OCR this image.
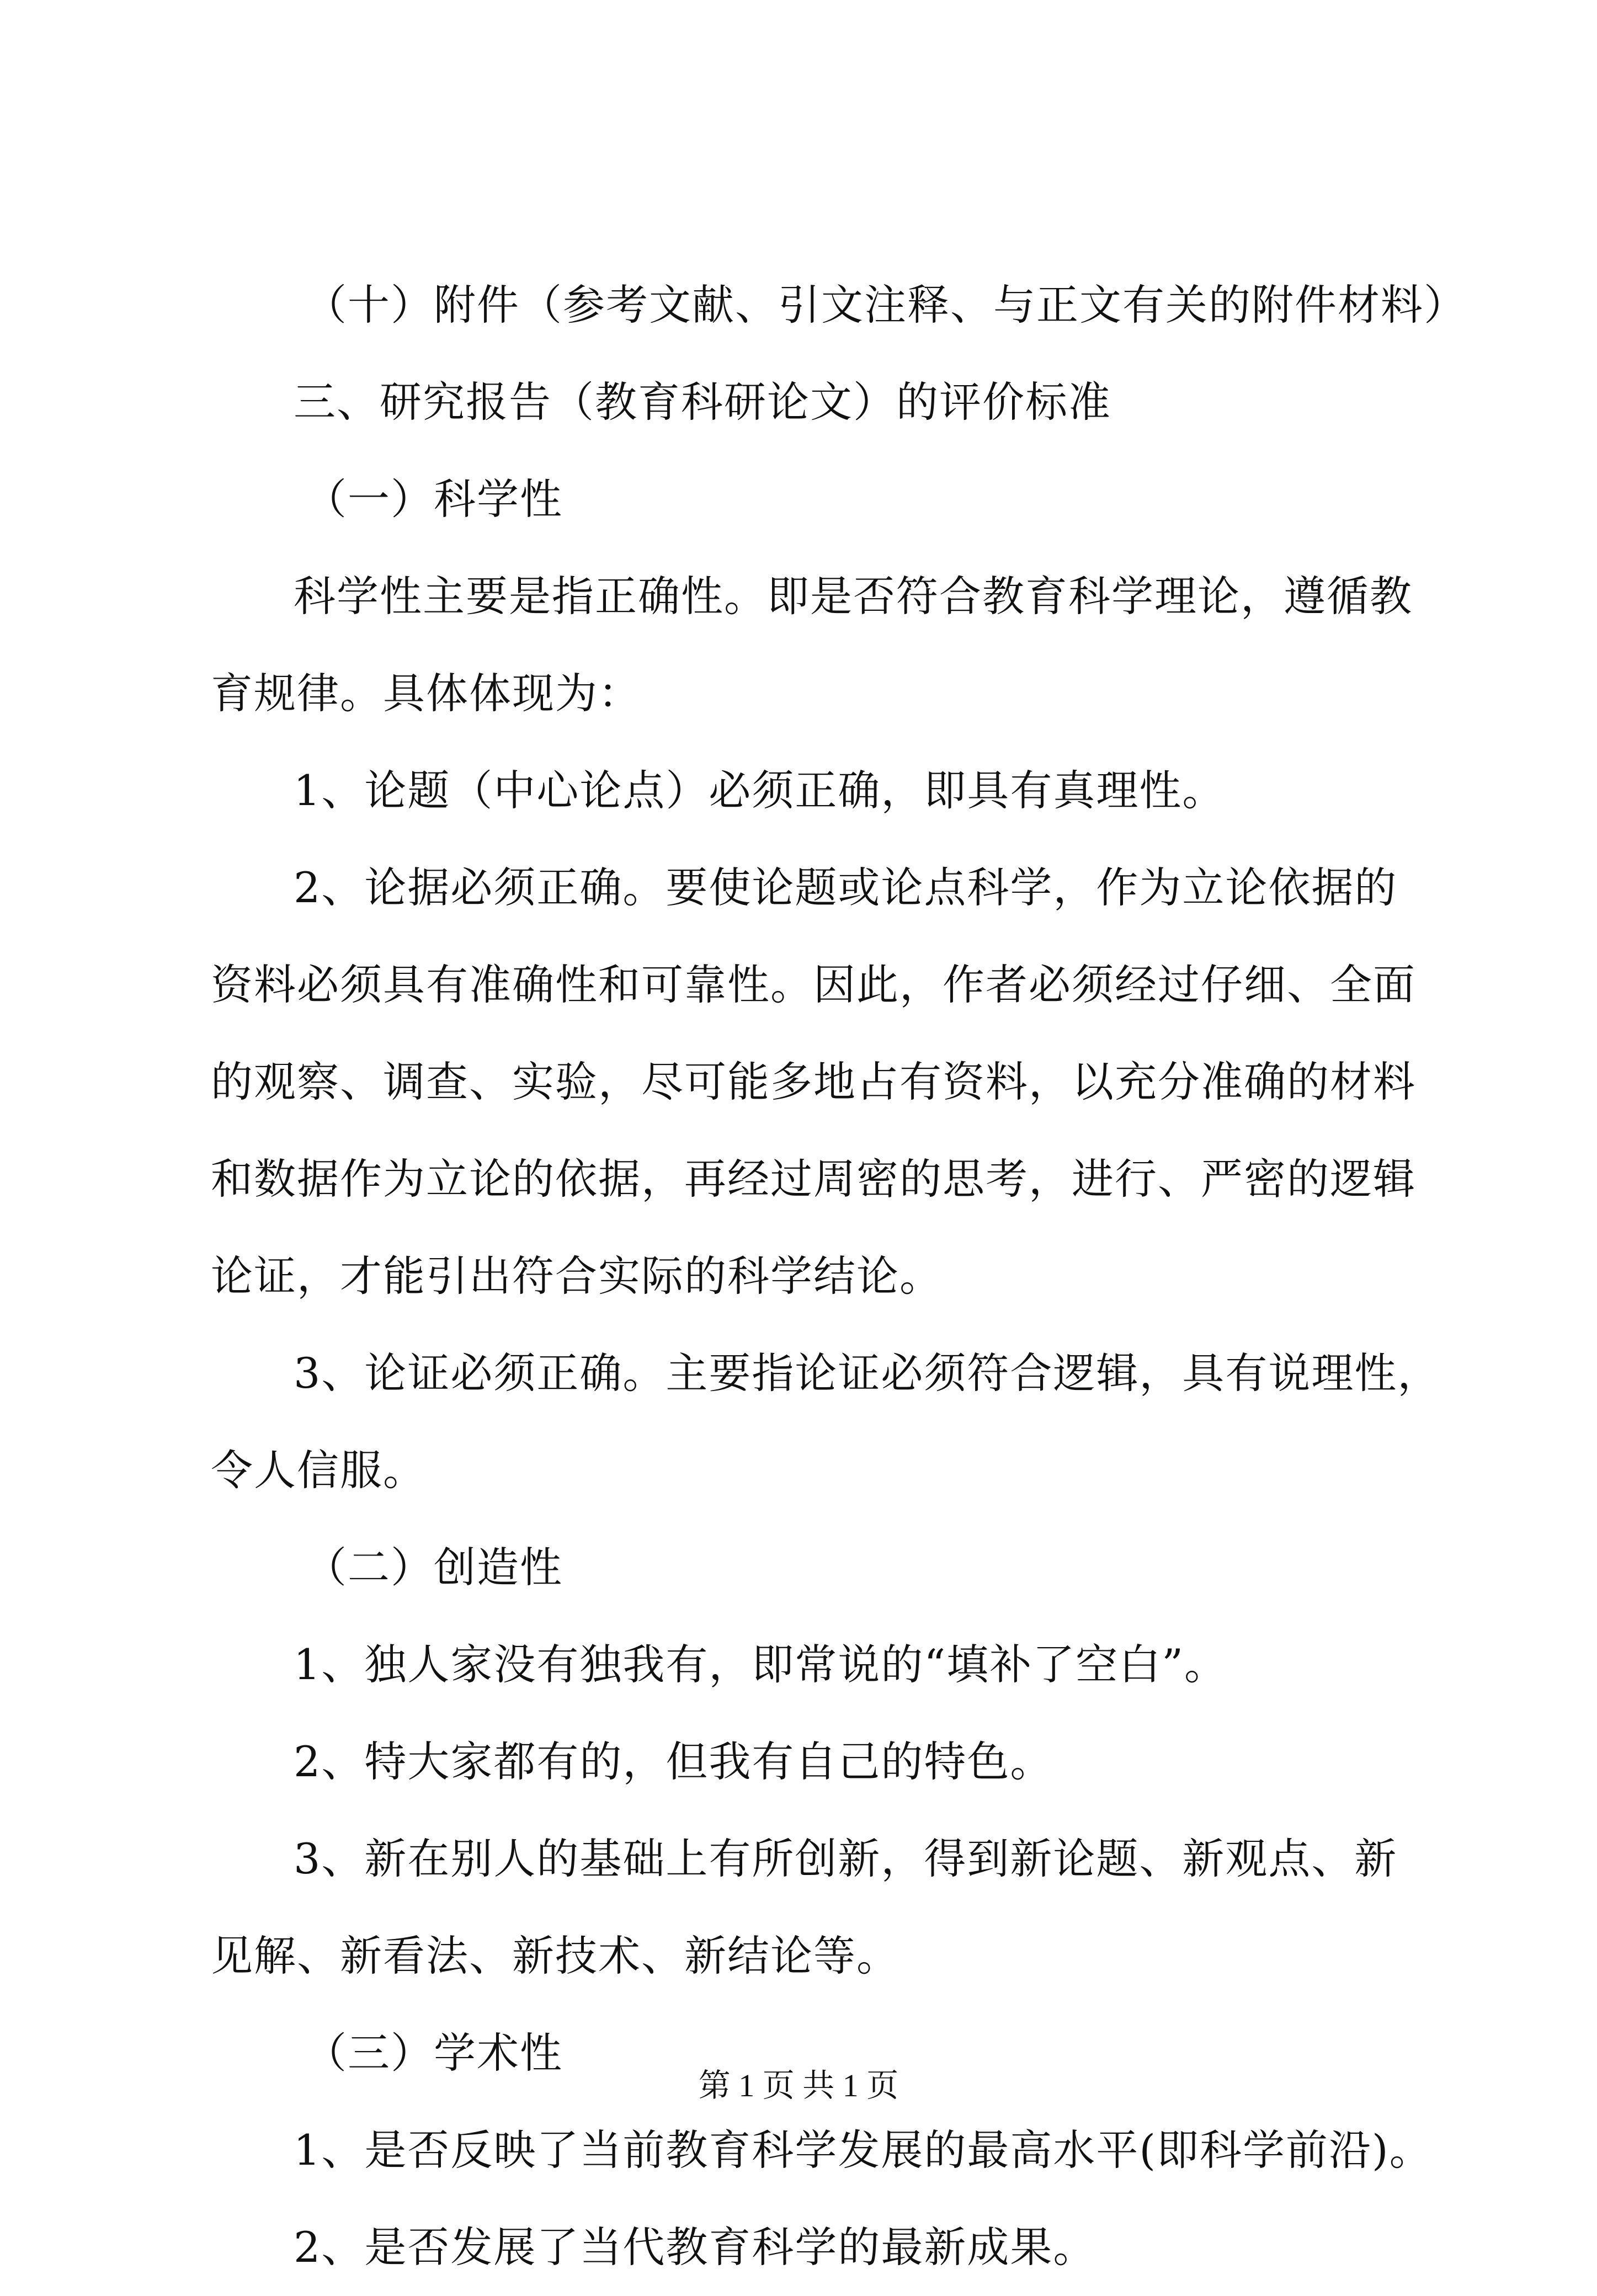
（十）附件（参考文献、引文注释、与正文有关的附件材料）
三、研究报告（教育科研论文）的评价标准
（一）科学性
科学性主要是指正确性。即是否符合教育科学理论，遵循教
育规律。具体体现为：
1、论题（中心论点）必须正确，即具有真理性。
2、论据必须正确。要使论题或论点科学，作为立论依据的
资料必须具有准确性和可靠性。因此，作者必须经过仔细、全面
的观察、调查、实验，尽可能多地占有资料，以充分准确的材料
和数据作为立论的依据，再经过周密的思考，进行、严密的逻辑
论证，才能引出符合实际的科学结论。
3、论证必须正确。主要指论证必须符合逻辑，具有说理性，
令人信服。
（二）创造性
1、独人家没有独我有，即常说的“填补了空白”。
2、特大家都有的，但我有自己的特色。
3、新在别人的基础上有所创新，得到新论题、新观点、新
见解、新看法、新技术、新结论等。
（三）学术性
1、是否反映了当前教育科学发展的最高水平(即科学前沿)。
2、是否发展了当代教育科学的最新成果。
第 1 页 共 1 页
